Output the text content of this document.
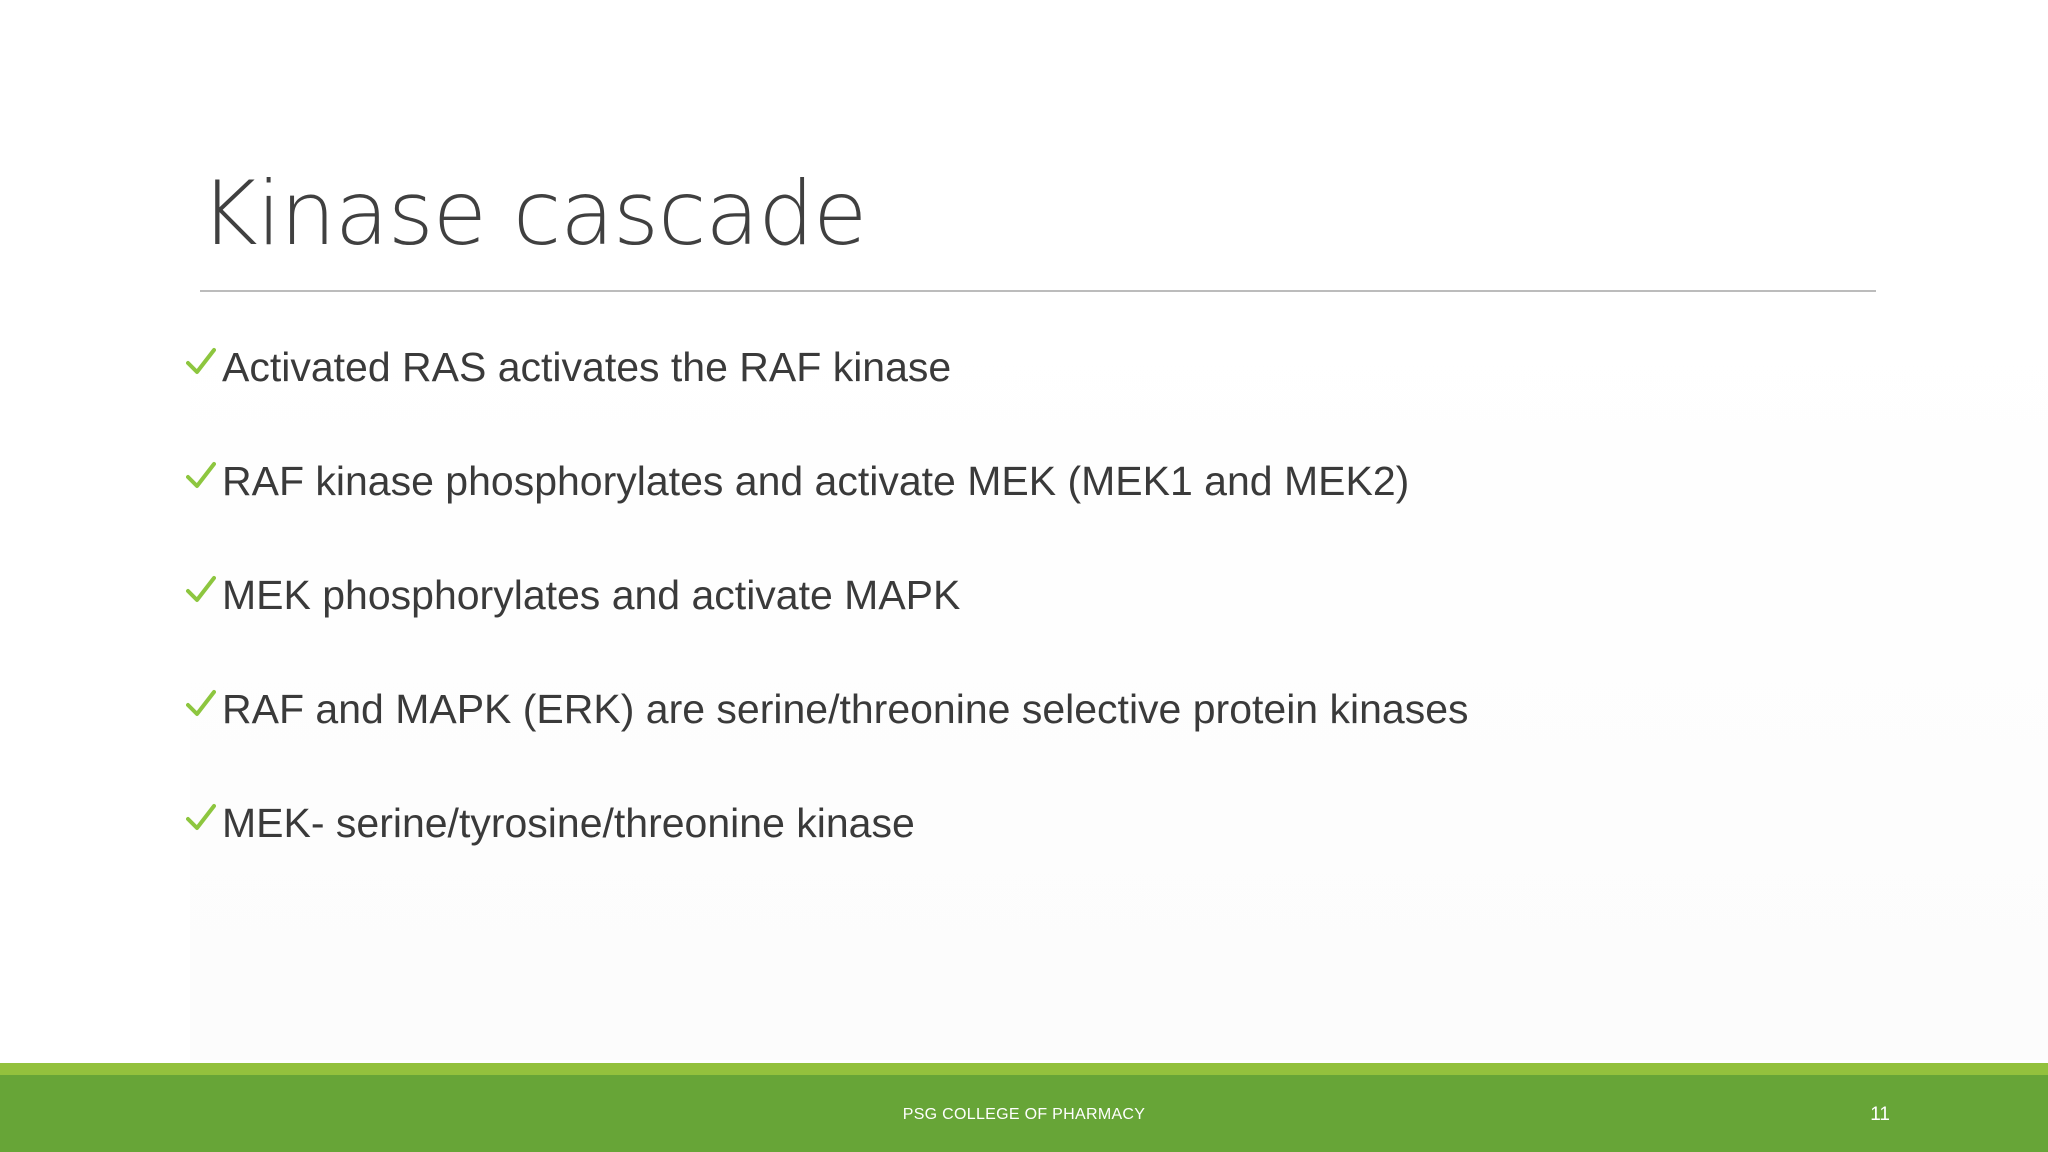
Kinase cascade
Activated RAS activates the RAF kinase
RAF kinase phosphorylates and activate MEK (MEK1 and MEK2)
MEK phosphorylates and activate MAPK
RAF and MAPK (ERK) are serine/threonine selective protein kinases
MEK- serine/tyrosine/threonine kinase
PSG COLLEGE OF PHARMACY	11
